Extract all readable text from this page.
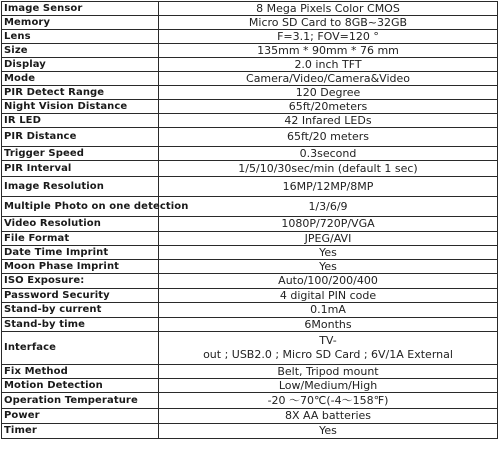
Image Sensor	8 Mega Pixels Color CMOS
Memory	Micro SD Card to 8GB~32GB
Lens	F=3.1; FOV=120 °
Size	135mm * 90mm * 76 mm
Display	2.0 inch TFT
Mode	Camera/Video/Camera&Video
PIR Detect Range	120 Degree
Night Vision Distance	65ft/20meters
IR LED	42 Infared LEDs
PIR Distance	65ft/20 meters
Trigger Speed	0.3second
PIR Interval	1/5/10/30sec/min (default 1 sec)
Image Resolution	16MP/12MP/8MP
Multiple Photo on one detection	1/3/6/9
Video Resolution	1080P/720P/VGA
File Format	JPEG/AVI
Date Time Imprint	Yes
Moon Phase Imprint	Yes
ISO Exposure:	Auto/100/200/400
Password Security	4 digital PIN code
Stand-by current	0.1mA
Stand-by time	6Months
Interface	TV-
out ; USB2.0 ; Micro SD Card ; 6V/1A External

Fix Method	Belt, Tripod mount
Motion Detection	Low/Medium/High
Operation Temperature	-20 ～70℃(-4～158℉)
Power	8X AA batteries
Timer	Yes
